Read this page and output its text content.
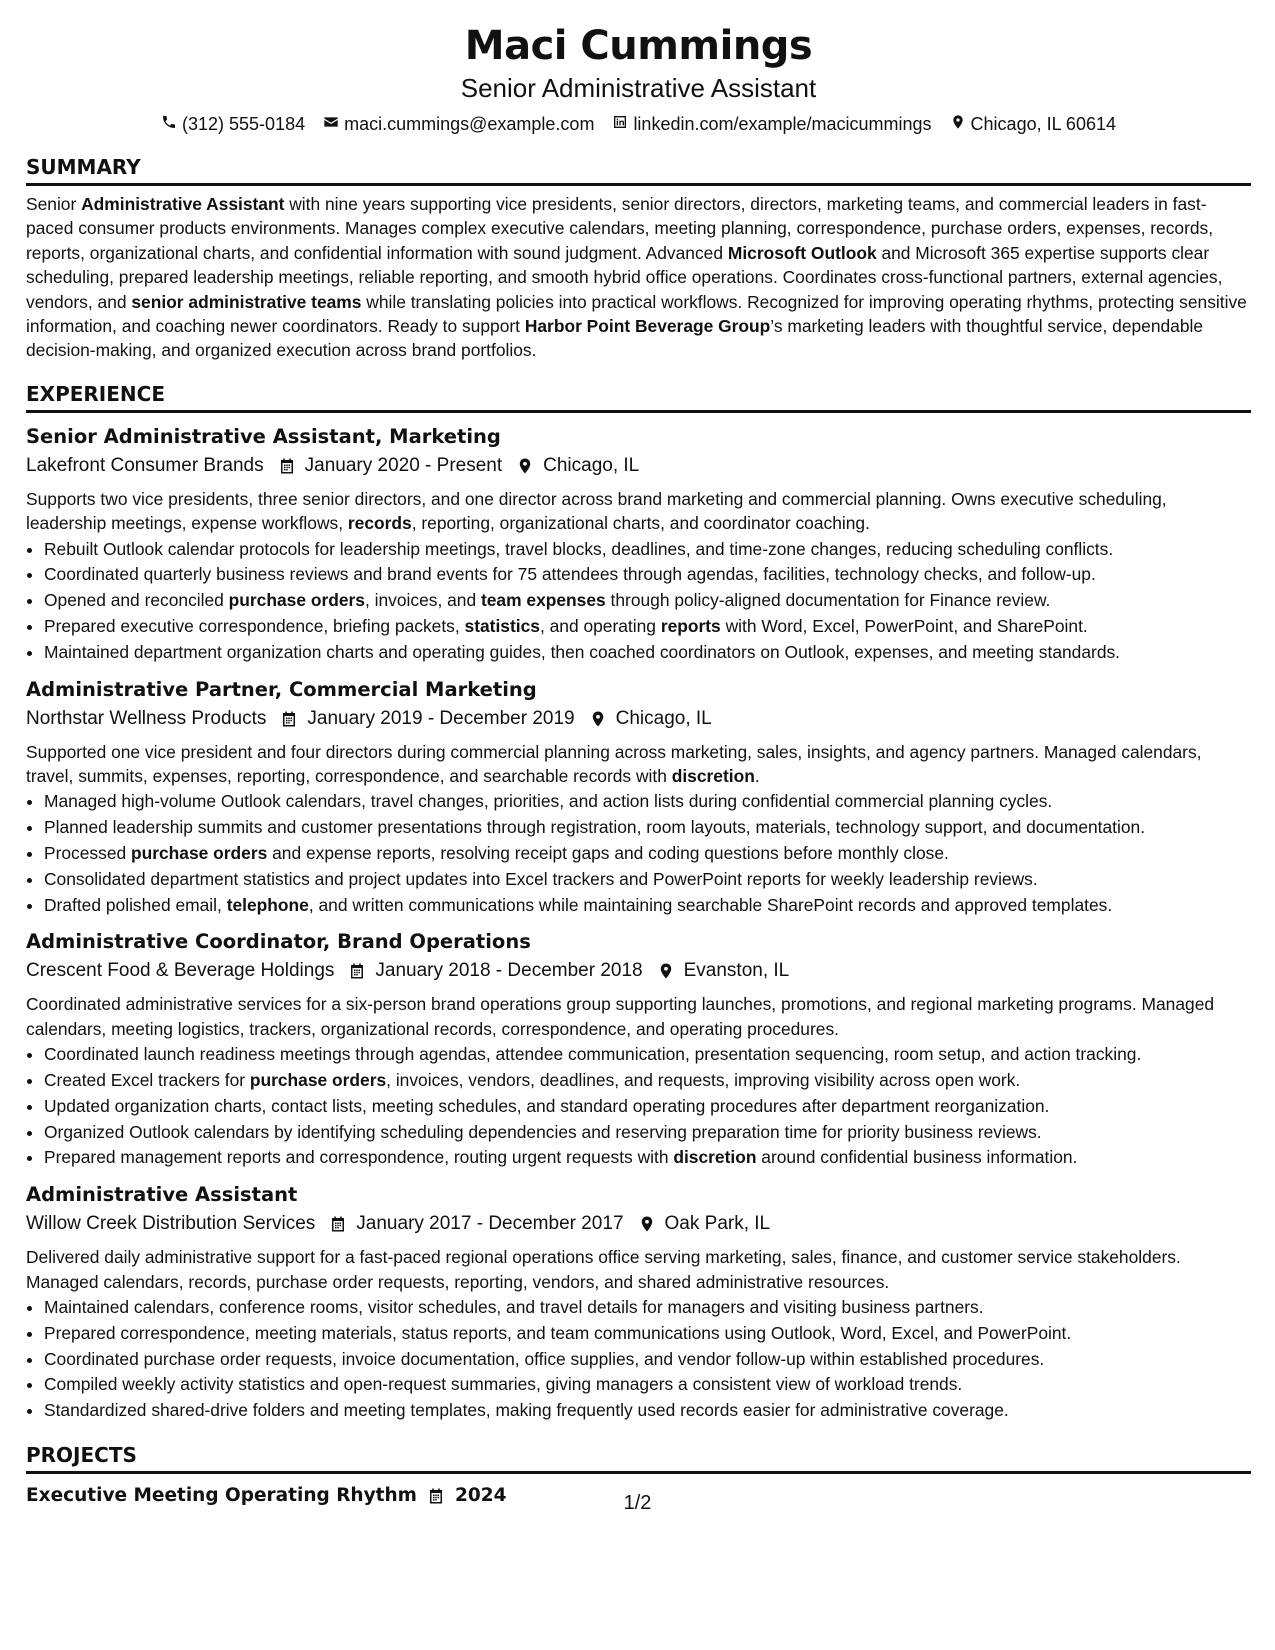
Maci Cummings
Senior Administrative Assistant
(312) 555-0184 maci.cummings@example.com linkedin.com/example/macicummings Chicago, IL 60614
SUMMARY

Senior Administrative Assistant with nine years supporting vice presidents, senior directors, directors, marketing teams, and commercial leaders in fast-paced consumer products environments. Manages complex executive calendars, meeting planning, correspondence, purchase orders, expenses, records, reports, organizational charts, and confidential information with sound judgment. Advanced Microsoft Outlook and Microsoft 365 expertise supports clear scheduling, prepared leadership meetings, reliable reporting, and smooth hybrid office operations. Coordinates cross-functional partners, external agencies, vendors, and senior administrative teams while translating policies into practical workflows. Recognized for improving operating rhythms, protecting sensitive information, and coaching newer coordinators. Ready to support Harbor Point Beverage Group’s marketing leaders with thoughtful service, dependable decision-making, and organized execution across brand portfolios.

EXPERIENCE
Senior Administrative Assistant, Marketing
Lakefront Consumer Brands January 2020 - Present Chicago, IL

Supports two vice presidents, three senior directors, and one director across brand marketing and commercial planning. Owns executive scheduling, leadership meetings, expense workflows, records, reporting, organizational charts, and coordinator coaching.

• Rebuilt Outlook calendar protocols for leadership meetings, travel blocks, deadlines, and time-zone changes, reducing scheduling conflicts.
• Coordinated quarterly business reviews and brand events for 75 attendees through agendas, facilities, technology checks, and follow-up.
• Opened and reconciled purchase orders, invoices, and team expenses through policy-aligned documentation for Finance review.
• Prepared executive correspondence, briefing packets, statistics, and operating reports with Word, Excel, PowerPoint, and SharePoint.
• Maintained department organization charts and operating guides, then coached coordinators on Outlook, expenses, and meeting standards.
Administrative Partner, Commercial Marketing
Northstar Wellness Products January 2019 - December 2019 Chicago, IL

Supported one vice president and four directors during commercial planning across marketing, sales, insights, and agency partners. Managed calendars, travel, summits, expenses, reporting, correspondence, and searchable records with discretion.

• Managed high-volume Outlook calendars, travel changes, priorities, and action lists during confidential commercial planning cycles.
• Planned leadership summits and customer presentations through registration, room layouts, materials, technology support, and documentation.
• Processed purchase orders and expense reports, resolving receipt gaps and coding questions before monthly close.
• Consolidated department statistics and project updates into Excel trackers and PowerPoint reports for weekly leadership reviews.
• Drafted polished email, telephone, and written communications while maintaining searchable SharePoint records and approved templates.
Administrative Coordinator, Brand Operations
Crescent Food & Beverage Holdings January 2018 - December 2018 Evanston, IL

Coordinated administrative services for a six-person brand operations group supporting launches, promotions, and regional marketing programs. Managed calendars, meeting logistics, trackers, organizational records, correspondence, and operating procedures.

• Coordinated launch readiness meetings through agendas, attendee communication, presentation sequencing, room setup, and action tracking.
• Created Excel trackers for purchase orders, invoices, vendors, deadlines, and requests, improving visibility across open work.
• Updated organization charts, contact lists, meeting schedules, and standard operating procedures after department reorganization.
• Organized Outlook calendars by identifying scheduling dependencies and reserving preparation time for priority business reviews.
• Prepared management reports and correspondence, routing urgent requests with discretion around confidential business information.
Administrative Assistant
Willow Creek Distribution Services January 2017 - December 2017 Oak Park, IL

Delivered daily administrative support for a fast-paced regional operations office serving marketing, sales, finance, and customer service stakeholders. Managed calendars, records, purchase order requests, reporting, vendors, and shared administrative resources.

• Maintained calendars, conference rooms, visitor schedules, and travel details for managers and visiting business partners.
• Prepared correspondence, meeting materials, status reports, and team communications using Outlook, Word, Excel, and PowerPoint.
• Coordinated purchase order requests, invoice documentation, office supplies, and vendor follow-up within established procedures.
• Compiled weekly activity statistics and open-request summaries, giving managers a consistent view of workload trends.
• Standardized shared-drive folders and meeting templates, making frequently used records easier for administrative coverage.
PROJECTS
Executive Meeting Operating Rhythm 2024	1/2
